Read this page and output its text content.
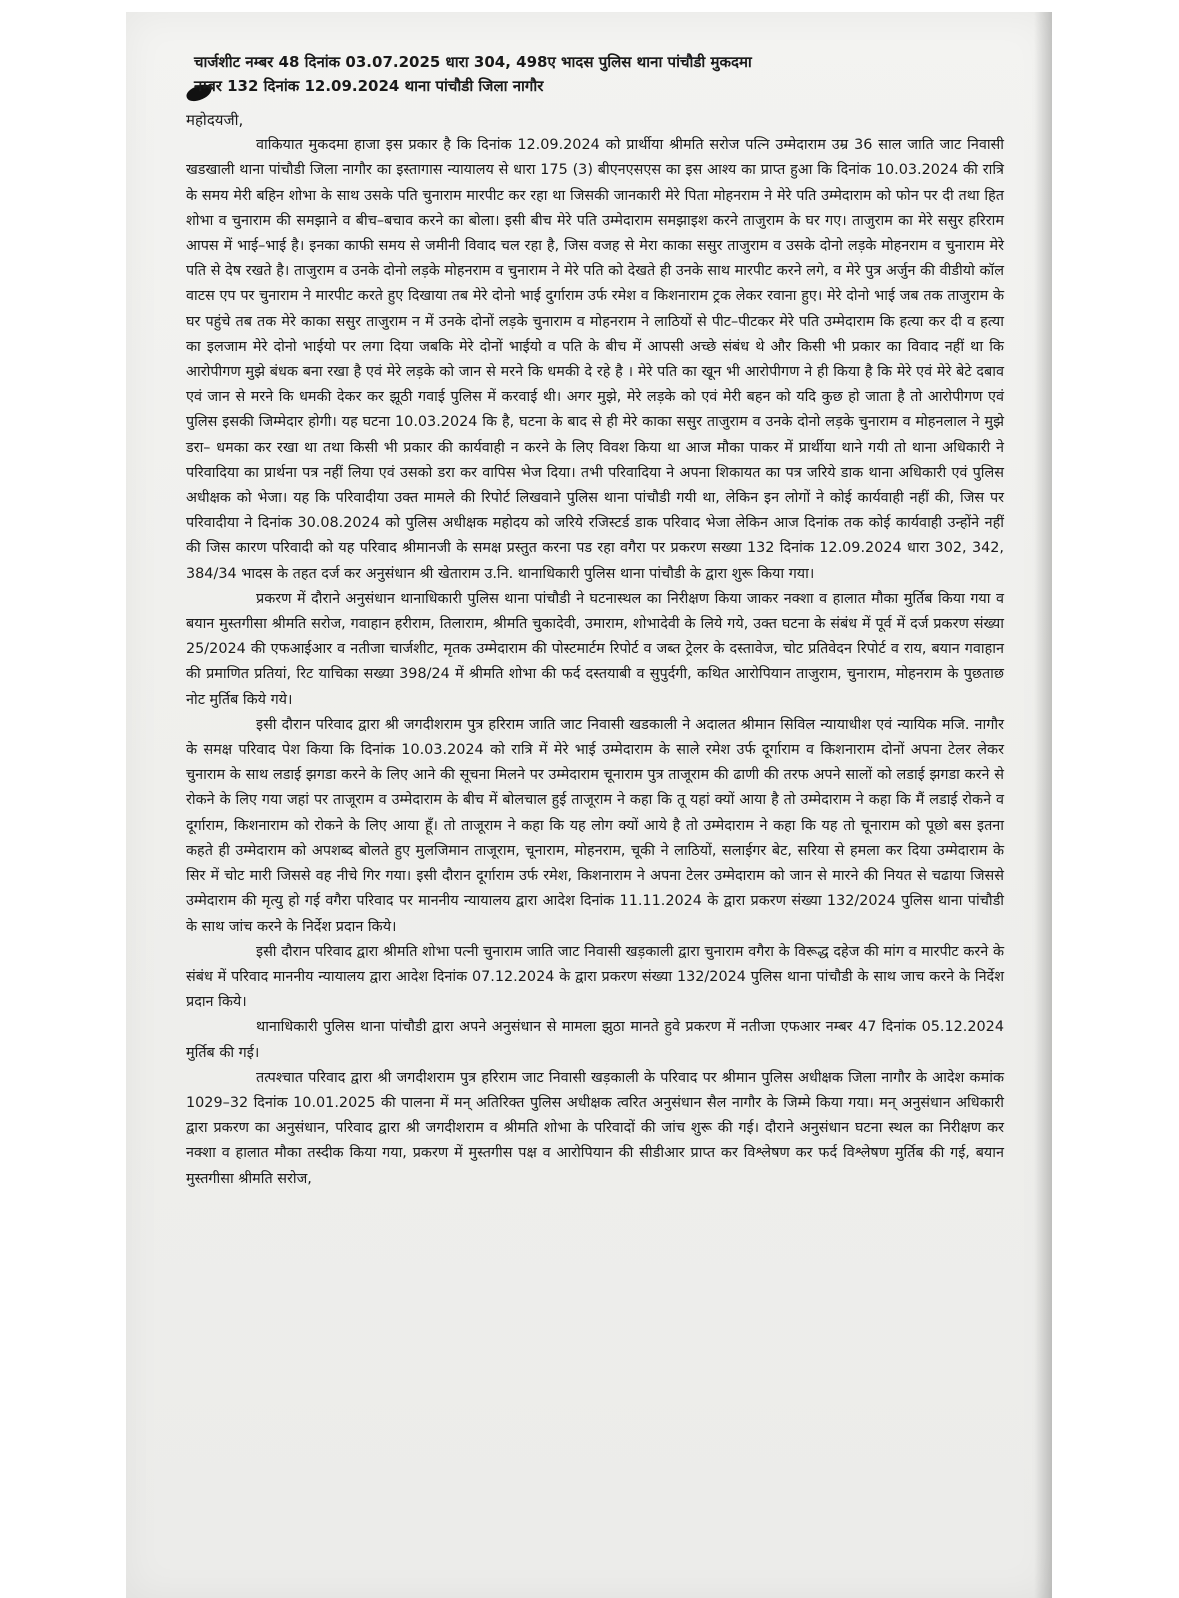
चार्जशीट नम्बर 48 दिनांक 03.07.2025 धारा 304, 498ए भादस पुलिस थाना पांचौडी मुकदमा
नम्बर 132 दिनांक 12.09.2024 थाना पांचौडी जिला नागौर
महोदयजी,

वाकियात मुकदमा हाजा इस प्रकार है कि दिनांक 12.09.2024 को प्रार्थीया श्रीमति सरोज पत्नि उम्मेदाराम उम्र 36 साल जाति जाट निवासी खडखाली थाना पांचौडी जिला नागौर का इस्तागास न्यायालय से धारा 175 (3) बीएनएसएस का इस आश्य का प्राप्त हुआ कि दिनांक 10.03.2024 की रात्रि के समय मेरी बहिन शोभा के साथ उसके पति चुनाराम मारपीट कर रहा था जिसकी जानकारी मेरे पिता मोहनराम ने मेरे पति उम्मेदाराम को फोन पर दी तथा हित शोभा व चुनाराम की समझाने व बीच–बचाव करने का बोला। इसी बीच मेरे पति उम्मेदाराम समझाइश करने ताजुराम के घर गए। ताजुराम का मेरे ससुर हरिराम आपस में भाई–भाई है। इनका काफी समय से जमीनी विवाद चल रहा है, जिस वजह से मेरा काका ससुर ताजुराम व उसके दोनो लड़के मोहनराम व चुनाराम मेरे पति से देष रखते है। ताजुराम व उनके दोनो लड़के मोहनराम व चुनाराम ने मेरे पति को देखते ही उनके साथ मारपीट करने लगे, व मेरे पुत्र अर्जुन की वीडीयो कॉल वाटस एप पर चुनाराम ने मारपीट करते हुए दिखाया तब मेरे दोनो भाई दुर्गाराम उर्फ रमेश व किशनाराम ट्रक लेकर रवाना हुए। मेरे दोनो भाई जब तक ताजुराम के घर पहुंचे तब तक मेरे काका ससुर ताजुराम न में उनके दोनों लड़के चुनाराम व मोहनराम ने लाठियों से पीट–पीटकर मेरे पति उम्मेदाराम कि हत्या कर दी व हत्या का इलजाम मेरे दोनो भाईयो पर लगा दिया जबकि मेरे दोनों भाईयो व पति के बीच में आपसी अच्छे संबंध थे और किसी भी प्रकार का विवाद नहीं था कि आरोपीगण मुझे बंधक बना रखा है एवं मेरे लड़के को जान से मरने कि धमकी दे रहे है । मेरे पति का खून भी आरोपीगण ने ही किया है कि मेरे एवं मेरे बेटे दबाव एवं जान से मरने कि धमकी देकर कर झूठी गवाई पुलिस में करवाई थी। अगर मुझे, मेरे लड़के को एवं मेरी बहन को यदि कुछ हो जाता है तो आरोपीगण एवं पुलिस इसकी जिम्मेदार होगी। यह घटना 10.03.2024 कि है, घटना के बाद से ही मेरे काका ससुर ताजुराम व उनके दोनो लड़के चुनाराम व मोहनलाल ने मुझे डरा– धमका कर रखा था तथा किसी भी प्रकार की कार्यवाही न करने के लिए विवश किया था आज मौका पाकर में प्रार्थीया थाने गयी तो थाना अधिकारी ने परिवादिया का प्रार्थना पत्र नहीं लिया एवं उसको डरा कर वापिस भेज दिया। तभी परिवादिया ने अपना शिकायत का पत्र जरिये डाक थाना अधिकारी एवं पुलिस अधीक्षक को भेजा। यह कि परिवादीया उक्त मामले की रिपोर्ट लिखवाने पुलिस थाना पांचौडी गयी था, लेकिन इन लोगों ने कोई कार्यवाही नहीं की, जिस पर परिवादीया ने दिनांक 30.08.2024 को पुलिस अधीक्षक महोदय को जरिये रजिस्टर्ड डाक परिवाद भेजा लेकिन आज दिनांक तक कोई कार्यवाही उन्होंने नहीं की जिस कारण परिवादी को यह परिवाद श्रीमानजी के समक्ष प्रस्तुत करना पड रहा वगैरा पर प्रकरण सख्या 132 दिनांक 12.09.2024 धारा 302, 342, 384/34 भादस के तहत दर्ज कर अनुसंधान श्री खेताराम उ.नि. थानाधिकारी पुलिस थाना पांचौडी के द्वारा शुरू किया गया।

प्रकरण में दौराने अनुसंधान थानाधिकारी पुलिस थाना पांचौडी ने घटनास्थल का निरीक्षण किया जाकर नक्शा व हालात मौका मुर्तिब किया गया व बयान मुस्तगीसा श्रीमति सरोज, गवाहान हरीराम, तिलाराम, श्रीमति चुकादेवी, उमाराम, शोभादेवी के लिये गये, उक्त घटना के संबंध में पूर्व में दर्ज प्रकरण संख्या 25/2024 की एफआईआर व नतीजा चार्जशीट, मृतक उम्मेदाराम की पोस्टमार्टम रिपोर्ट व जब्त ट्रेलर के दस्तावेज, चोट प्रतिवेदन रिपोर्ट व राय, बयान गवाहान की प्रमाणित प्रतियां, रिट याचिका सख्या 398/24 में श्रीमति शोभा की फर्द दस्तयाबी व सुपुर्दगी, कथित आरोपियान ताजुराम, चुनाराम, मोहनराम के पुछताछ नोट मुर्तिब किये गये।

इसी दौरान परिवाद द्वारा श्री जगदीशराम पुत्र हरिराम जाति जाट निवासी खडकाली ने अदालत श्रीमान सिविल न्यायाधीश एवं न्यायिक मजि. नागौर के समक्ष परिवाद पेश किया कि दिनांक 10.03.2024 को रात्रि में मेरे भाई उम्मेदाराम के साले रमेश उर्फ दूर्गाराम व किशनाराम दोनों अपना टेलर लेकर चुनाराम के साथ लडाई झगडा करने के लिए आने की सूचना मिलने पर उम्मेदाराम चूनाराम पुत्र ताजूराम की ढाणी की तरफ अपने सालों को लडाई झगडा करने से रोकने के लिए गया जहां पर ताजूराम व उम्मेदाराम के बीच में बोलचाल हुई ताजूराम ने कहा कि तू यहां क्यों आया है तो उम्मेदाराम ने कहा कि मैं लडाई रोकने व दूर्गाराम, किशनाराम को रोकने के लिए आया हूँ। तो ताजूराम ने कहा कि यह लोग क्यों आये है तो उम्मेदाराम ने कहा कि यह तो चूनाराम को पूछो बस इतना कहते ही उम्मेदाराम को अपशब्द बोलते हुए मुलजिमान ताजूराम, चूनाराम, मोहनराम, चूकी ने लाठियों, सलाईगर बेट, सरिया से हमला कर दिया उम्मेदाराम के सिर में चोट मारी जिससे वह नीचे गिर गया। इसी दौरान दूर्गाराम उर्फ रमेश, किशनाराम ने अपना टेलर उम्मेदाराम को जान से मारने की नियत से चढाया जिससे उम्मेदाराम की मृत्यु हो गई वगैरा परिवाद पर माननीय न्यायालय द्वारा आदेश दिनांक 11.11.2024 के द्वारा प्रकरण संख्या 132/2024 पुलिस थाना पांचौडी के साथ जांच करने के निर्देश प्रदान किये।

इसी दौरान परिवाद द्वारा श्रीमति शोभा पत्नी चुनाराम जाति जाट निवासी खड़काली द्वारा चुनाराम वगैरा के विरूद्ध दहेज की मांग व मारपीट करने के संबंध में परिवाद माननीय न्यायालय द्वारा आदेश दिनांक 07.12.2024 के द्वारा प्रकरण संख्या 132/2024 पुलिस थाना पांचौडी के साथ जाच करने के निर्देश प्रदान किये।

थानाधिकारी पुलिस थाना पांचौडी द्वारा अपने अनुसंधान से मामला झुठा मानते हुवे प्रकरण में नतीजा एफआर नम्बर 47 दिनांक 05.12.2024 मुर्तिब की गई।

तत्पश्चात परिवाद द्वारा श्री जगदीशराम पुत्र हरिराम जाट निवासी खड़काली के परिवाद पर श्रीमान पुलिस अधीक्षक जिला नागौर के आदेश कमांक 1029–32 दिनांक 10.01.2025 की पालना में मन् अतिरिक्त पुलिस अधीक्षक त्वरित अनुसंधान सैल नागौर के जिम्मे किया गया। मन् अनुसंधान अधिकारी द्वारा प्रकरण का अनुसंधान, परिवाद द्वारा श्री जगदीशराम व श्रीमति शोभा के परिवादों की जांच शुरू की गई। दौराने अनुसंधान घटना स्थल का निरीक्षण कर नक्शा व हालात मौका तस्दीक किया गया, प्रकरण में मुस्तगीस पक्ष व आरोपियान की सीडीआर प्राप्त कर विश्लेषण कर फर्द विश्लेषण मुर्तिब की गई, बयान मुस्तगीसा श्रीमति सरोज,
